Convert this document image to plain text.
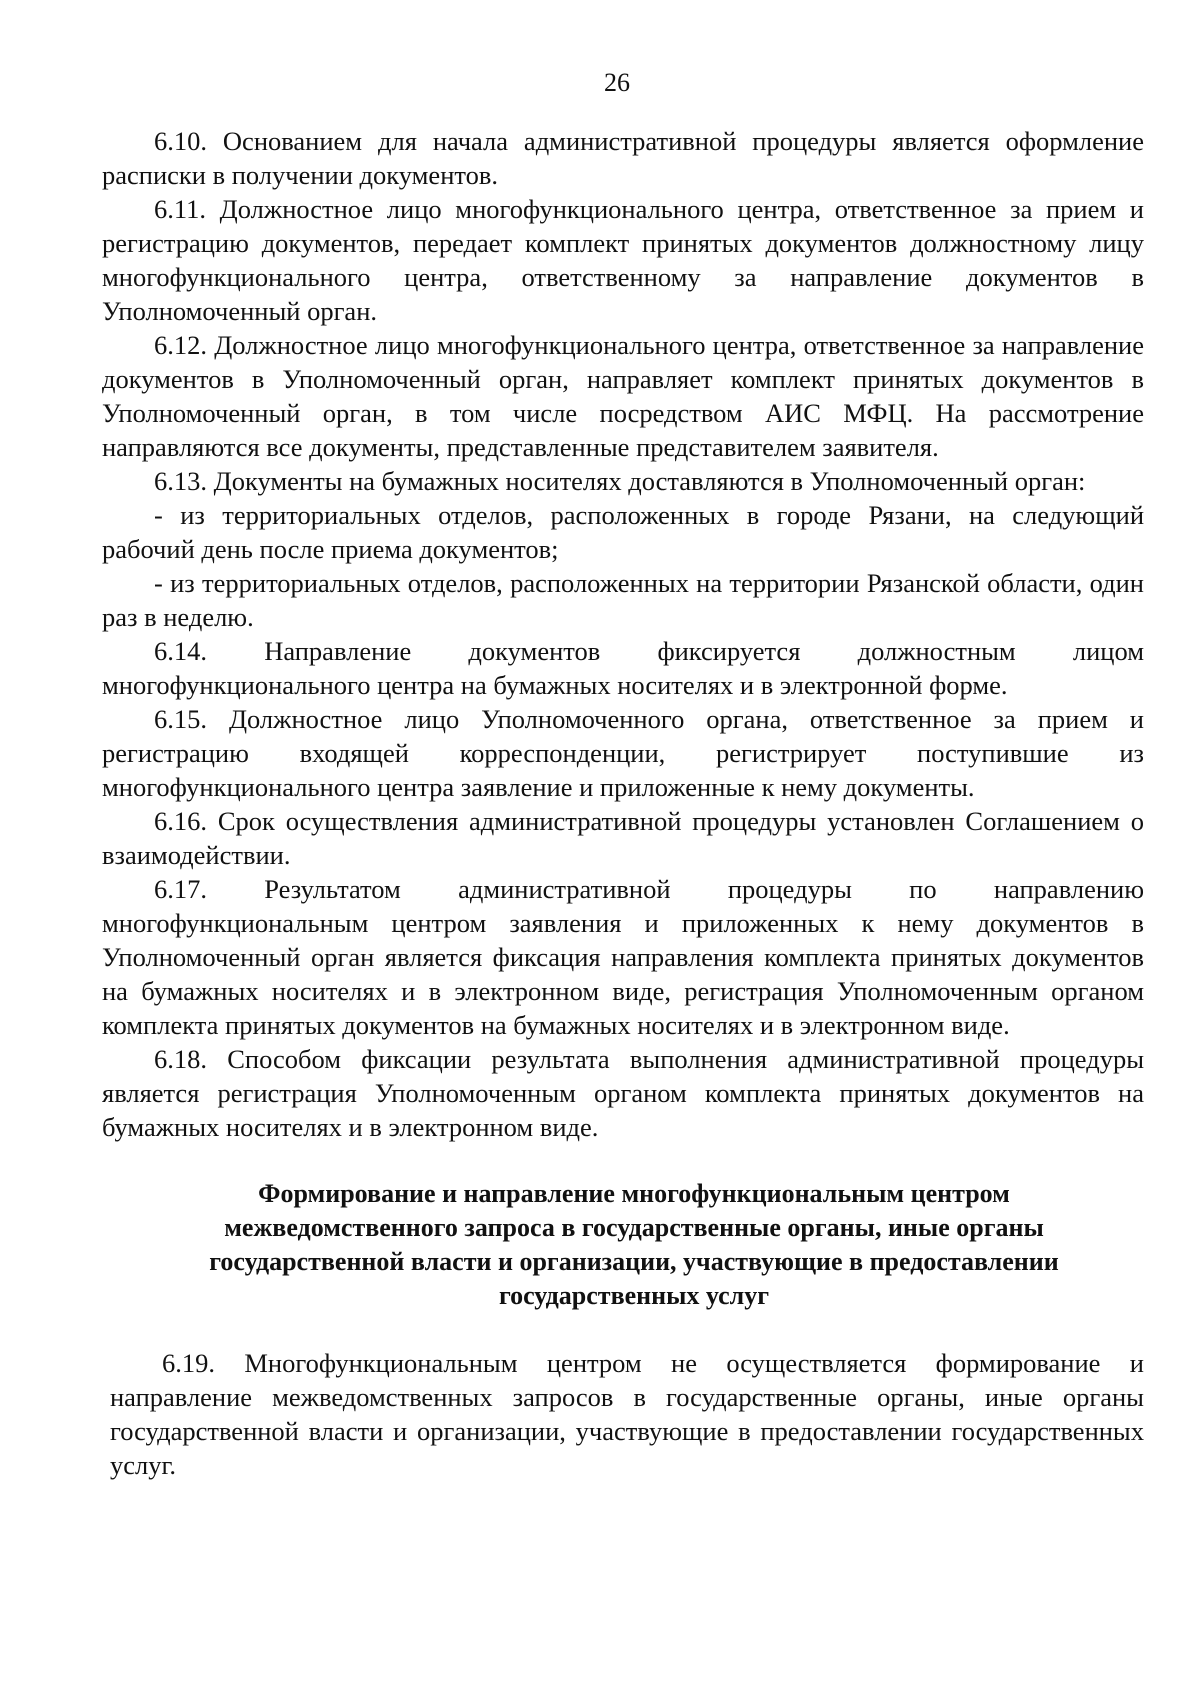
26

6.10. Основанием для начала административной процедуры является оформление расписки в получении документов.

6.11. Должностное лицо многофункционального центра, ответственное за прием и регистрацию документов, передает комплект принятых документов должностному лицу многофункционального центра, ответственному за направление документов в Уполномоченный орган.

6.12. Должностное лицо многофункционального центра, ответственное за направление документов в Уполномоченный орган, направляет комплект принятых документов в Уполномоченный орган, в том числе посредством АИС МФЦ. На рассмотрение направляются все документы, представленные представителем заявителя.

6.13. Документы на бумажных носителях доставляются в Уполномоченный орган:

- из территориальных отделов, расположенных в городе Рязани, на следующий рабочий день после приема документов;

- из территориальных отделов, расположенных на территории Рязанской области, один раз в неделю.

6.14. Направление документов фиксируется должностным лицом многофункционального центра на бумажных носителях и в электронной форме.

6.15. Должностное лицо Уполномоченного органа, ответственное за прием и регистрацию входящей корреспонденции, регистрирует поступившие из многофункционального центра заявление и приложенные к нему документы.

6.16. Срок осуществления административной процедуры установлен Соглашением о взаимодействии.

6.17. Результатом административной процедуры по направлению многофункциональным центром заявления и приложенных к нему документов в Уполномоченный орган является фиксация направления комплекта принятых документов на бумажных носителях и в электронном виде, регистрация Уполномоченным органом комплекта принятых документов на бумажных носителях и в электронном виде.

6.18. Способом фиксации результата выполнения административной процедуры является регистрация Уполномоченным органом комплекта принятых документов на бумажных носителях и в электронном виде.

Формирование и направление многофункциональным центром межведомственного запроса в государственные органы, иные органы государственной власти и организации, участвующие в предоставлении государственных услуг

6.19. Многофункциональным центром не осуществляется формирование и направление межведомственных запросов в государственные органы, иные органы государственной власти и организации, участвующие в предоставлении государственных услуг.
